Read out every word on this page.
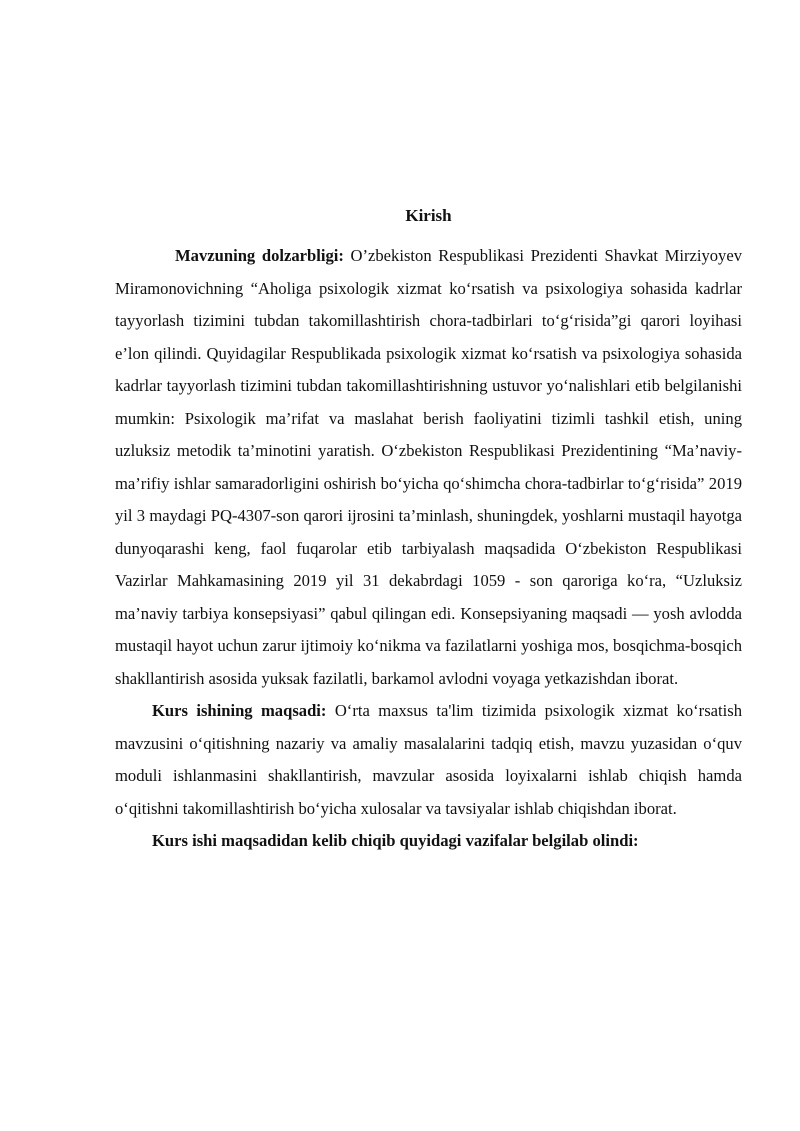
Kirish

Mavzuning dolzarbligi: O’zbekiston Respublikasi Prezidenti Shavkat Mirziyoyev Miramonovichning “Aholiga psixologik xizmat koʻrsatish va psixologiya sohasida kadrlar tayyorlash tizimini tubdan takomillashtirish chora-tadbirlari toʻgʻrisida”gi qarori loyihasi e’lon qilindi. Quyidagilar Respublikada psixologik xizmat koʻrsatish va psixologiya sohasida kadrlar tayyorlash tizimini tubdan takomillashtirishning ustuvor yoʻnalishlari etib belgilanishi mumkin: Psixologik ma’rifat va maslahat berish faoliyatini tizimli tashkil etish, uning uzluksiz metodik ta’minotini yaratish. Oʻzbekiston Respublikasi Prezidentining “Ma’naviy-ma’rifiy ishlar samaradorligini oshirish boʻyicha qoʻshimcha chora-tadbirlar toʻgʻrisida” 2019 yil 3 maydagi PQ-4307-son qarori ijrosini ta’minlash, shuningdek, yoshlarni mustaqil hayotga dunyoqarashi keng, faol fuqarolar etib tarbiyalash maqsadida Oʻzbekiston Respublikasi Vazirlar Mahkamasining 2019 yil 31 dekabrdagi 1059 - son qaroriga koʻra, “Uzluksiz ma’naviy tarbiya konsepsiyasi” qabul qilingan edi. Konsepsiyaning maqsadi — yosh avlodda mustaqil hayot uchun zarur ijtimoiy koʻnikma va fazilatlarni yoshiga mos, bosqichma-bosqich shakllantirish asosida yuksak fazilatli, barkamol avlodni voyaga yetkazishdan iborat.

Kurs ishining maqsadi: Oʻrta maxsus ta'lim tizimida psixologik xizmat koʻrsatish mavzusini oʻqitishning nazariy va amaliy masalalarini tadqiq etish, mavzu yuzasidan oʻquv moduli ishlanmasini shakllantirish, mavzular asosida loyixalarni ishlab chiqish hamda oʻqitishni takomillashtirish boʻyicha xulosalar va tavsiyalar ishlab chiqishdan iborat.

Kurs ishi maqsadidan kelib chiqib quyidagi vazifalar belgilab olindi:
